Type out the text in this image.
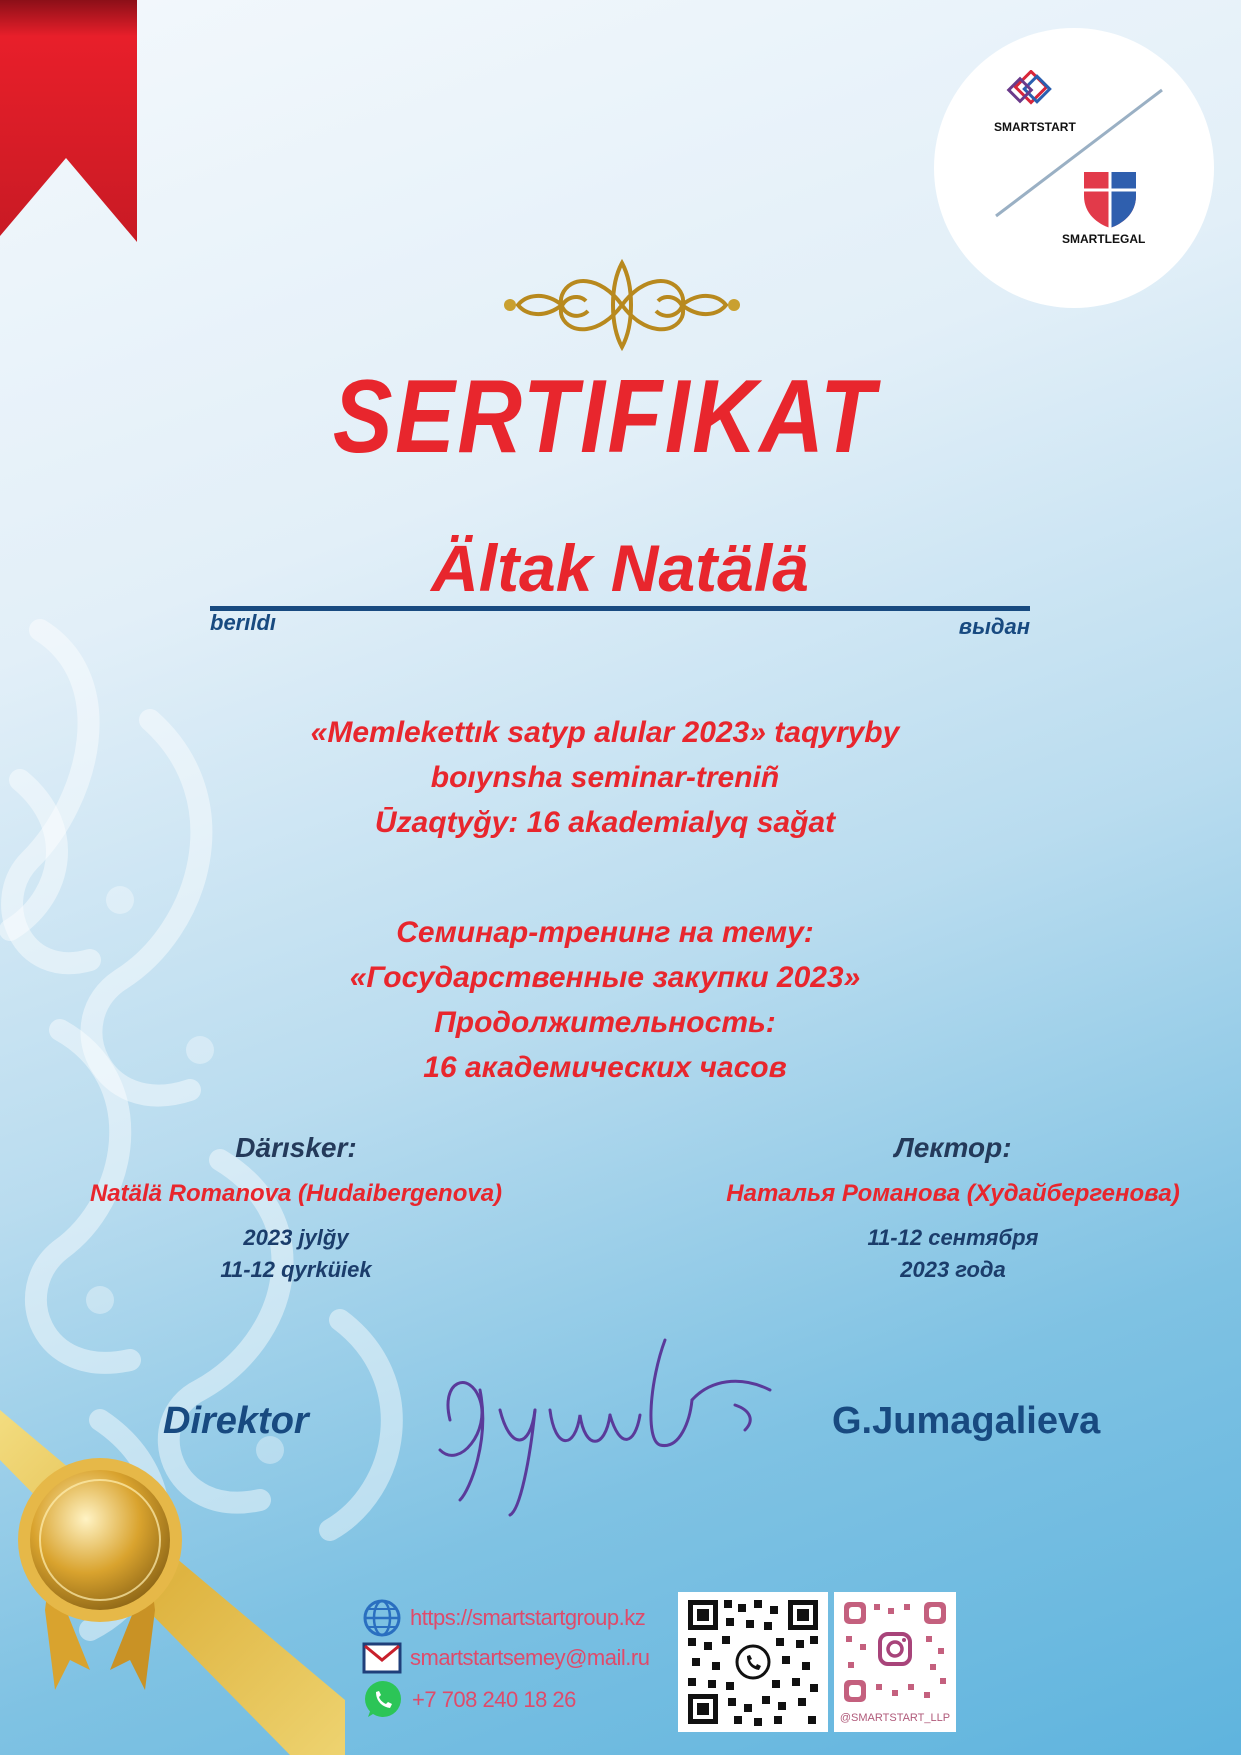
SMARTSTART
SMARTLEGAL
SERTIFIKAT
Ältak Natälä
berıldı	выдан
«Memlekettık satyp alular 2023» taqyryby
boıynsha seminar-treniñ
Ūzaqtyğy: 16 akademialyq sağat
Семинар-тренинг на тему:
«Государственные закупки 2023»
Продолжительность:
16 академических часов
Därısker:
Natälä Romanova (Hudaibergenova)
2023 jylğy
11-12 qyrküiek
Лектор:
Наталья Романова (Худайбергенова)
11-12 сентября
2023 года
Direktor	G.Jumagalieva
https://smartstartgroup.kz
smartstartsemey@mail.ru
+7 708 240 18 26
@SMARTSTART_LLP
